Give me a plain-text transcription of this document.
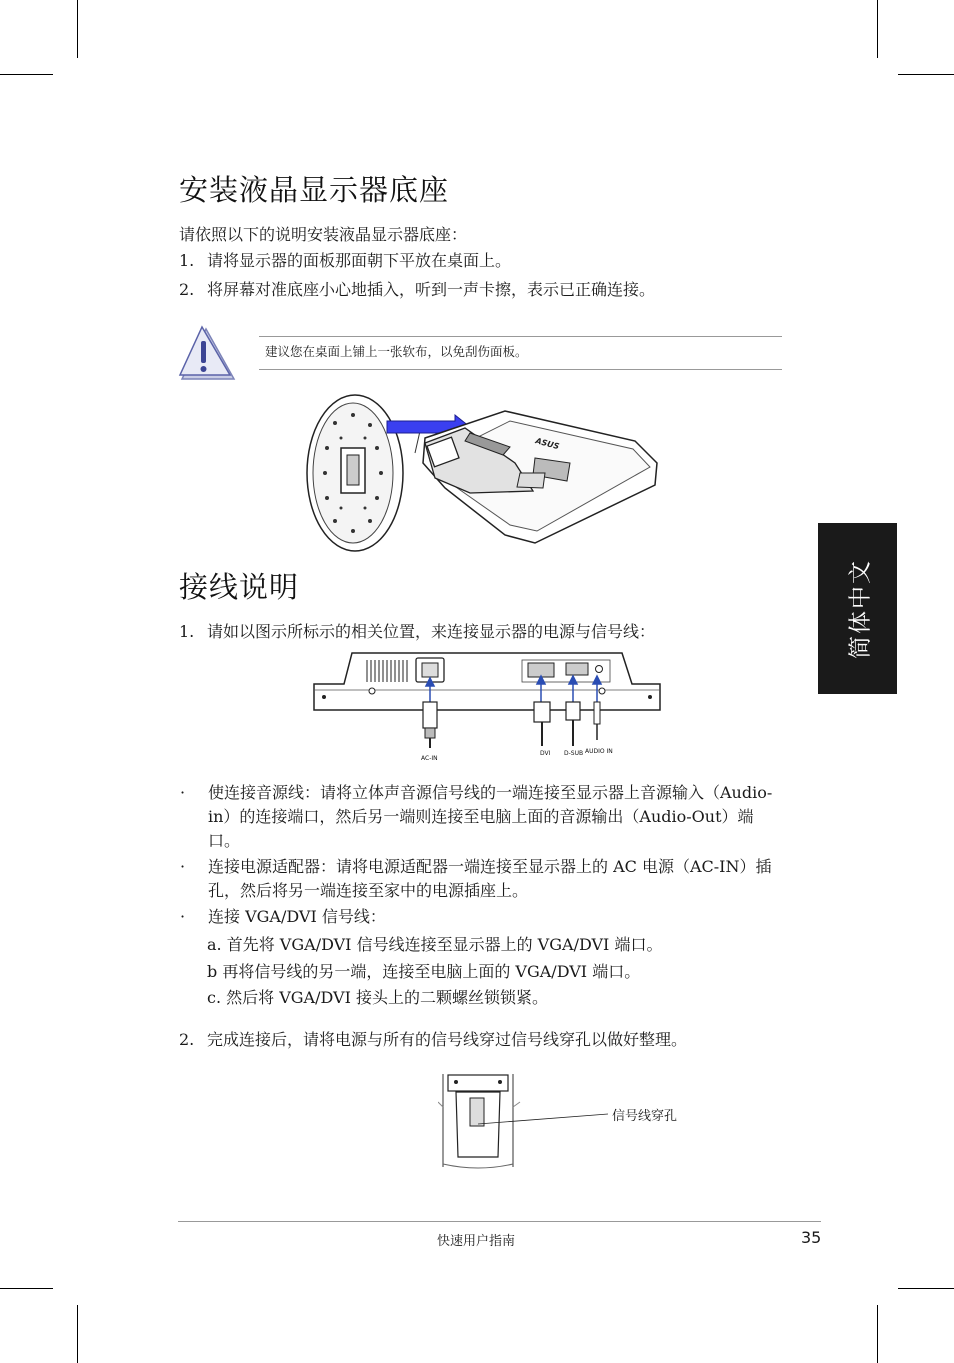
安装液晶显示器底座
请依照以下的说明安装液晶显示器底座：
1. 请将显示器的面板那面朝下平放在桌面上。
2. 将屏幕对准底座小心地插入，听到一声卡擦，表示已正确连接。
建议您在桌面上铺上一张软布，以免刮伤面板。
ASUS
简体中文
接线说明
1. 请如以图示所标示的相关位置，来连接显示器的电源与信号线：
AC-IN
DVI D-SUB AUDIO IN
·	使连接音源线：请将立体声音源信号线的一端连接至显示器上音源输入（Audio-in）的连接端口，然后另一端则连接至电脑上面的音源输出（Audio-Out）端口。
·	连接电源适配器：请将电源适配器一端连接至显示器上的 AC 电源（AC-IN）插孔，然后将另一端连接至家中的电源插座上。
·	连接 VGA/DVI 信号线：
a. 首先将 VGA/DVI 信号线连接至显示器上的 VGA/DVI 端口。
b 再将信号线的另一端，连接至电脑上面的 VGA/DVI 端口。
c. 然后将 VGA/DVI 接头上的二颗螺丝锁锁紧。
2. 完成连接后，请将电源与所有的信号线穿过信号线穿孔以做好整理。
信号线穿孔
快速用户指南	35
